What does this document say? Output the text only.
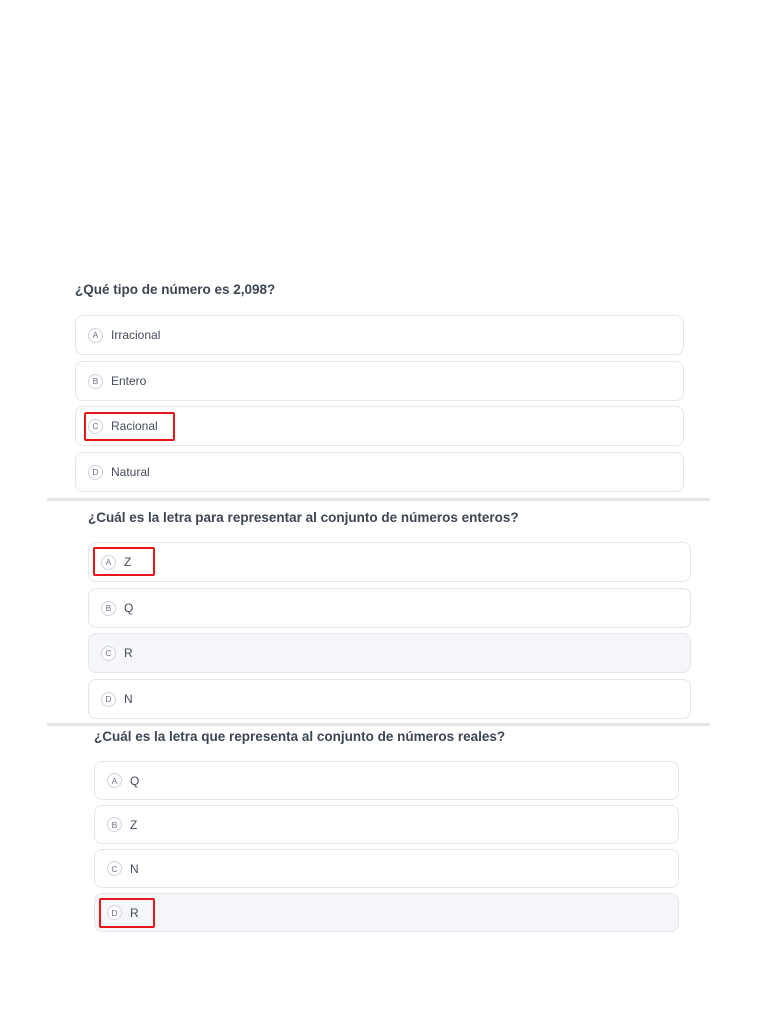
¿Qué tipo de número es 2,098?
A	Irracional
B	Entero
C	Racional
D	Natural
¿Cuál es la letra para representar al conjunto de números enteros?
A	Z
B	Q
C	R
D	N
¿Cuál es la letra que representa al conjunto de números reales?
A	Q
B	Z
C	N
D	R
